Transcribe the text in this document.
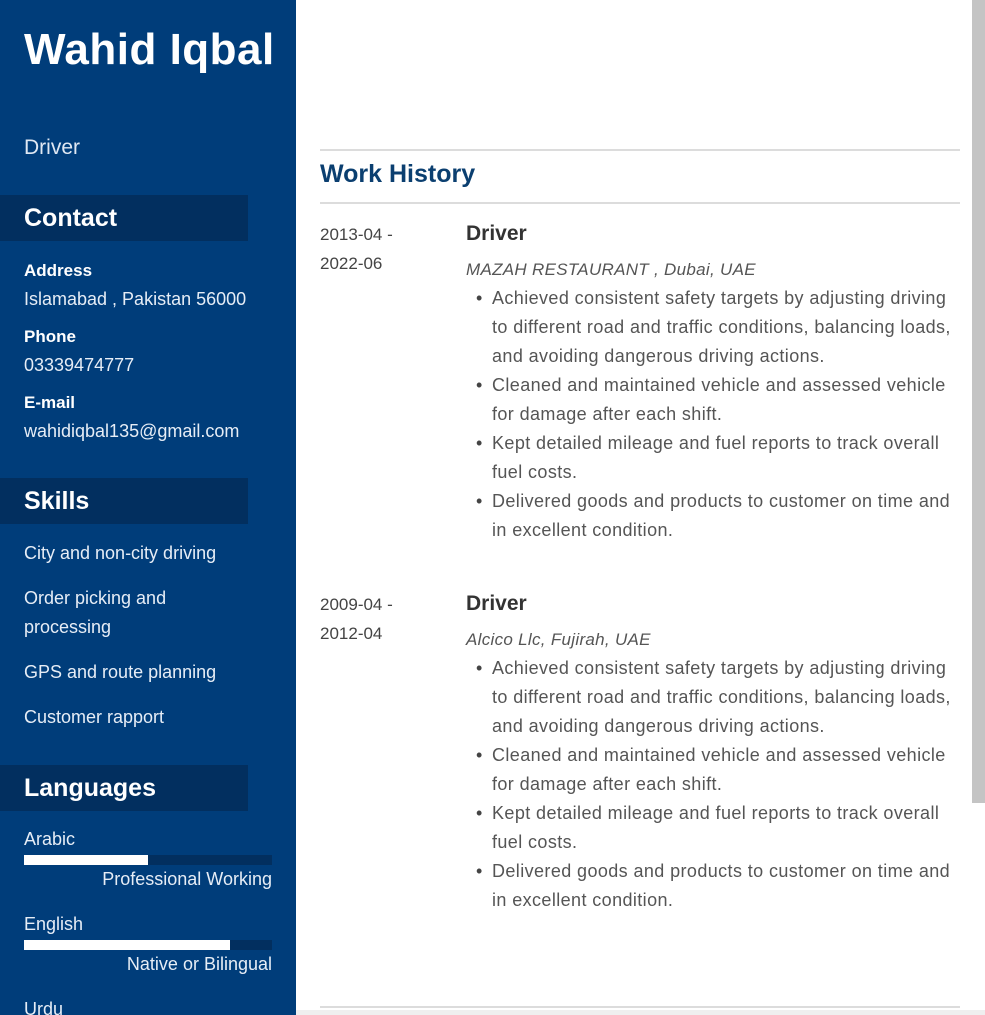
Wahid Iqbal
Driver
Contact
Address
Islamabad , Pakistan 56000
Phone
03339474777
E-mail
wahidiqbal135@gmail.com
Skills
City and non-city driving
Order picking and processing
GPS and route planning
Customer rapport
Languages
Arabic
Professional Working
English
Native or Bilingual
Urdu
Work History
2013-04 - 2022-06
Driver
MAZAH RESTAURANT , Dubai, UAE
• Achieved consistent safety targets by adjusting driving to different road and traffic conditions, balancing loads, and avoiding dangerous driving actions.
• Cleaned and maintained vehicle and assessed vehicle for damage after each shift.
• Kept detailed mileage and fuel reports to track overall fuel costs.
• Delivered goods and products to customer on time and in excellent condition.
2009-04 - 2012-04
Driver
Alcico Llc, Fujirah, UAE
• Achieved consistent safety targets by adjusting driving to different road and traffic conditions, balancing loads, and avoiding dangerous driving actions.
• Cleaned and maintained vehicle and assessed vehicle for damage after each shift.
• Kept detailed mileage and fuel reports to track overall fuel costs.
• Delivered goods and products to customer on time and in excellent condition.
